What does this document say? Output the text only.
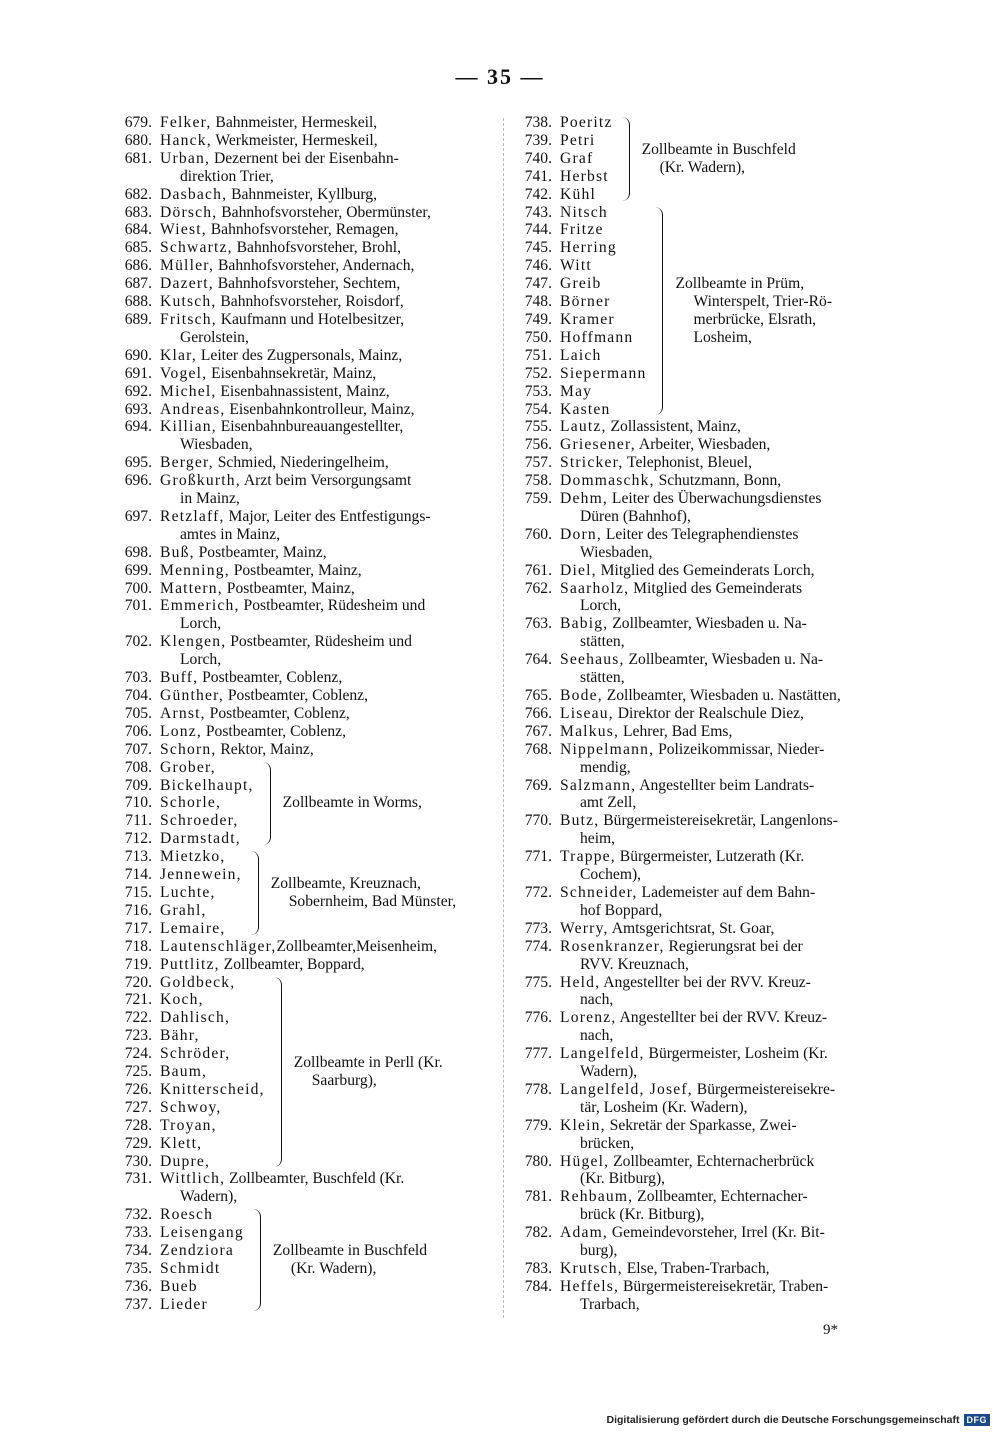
— 35 —
679. Felker, Bahnmeister, Hermeskeil,
680. Hanck, Werkmeister, Hermeskeil,
681. Urban, Dezernent bei der Eisenbahn-
direktion Trier,
682. Dasbach, Bahnmeister, Kyllburg,
683. Dörsch, Bahnhofsvorsteher, Obermünster,
684. Wiest, Bahnhofsvorsteher, Remagen,
685. Schwartz, Bahnhofsvorsteher, Brohl,
686. Müller, Bahnhofsvorsteher, Andernach,
687. Dazert, Bahnhofsvorsteher, Sechtem,
688. Kutsch, Bahnhofsvorsteher, Roisdorf,
689. Fritsch, Kaufmann und Hotelbesitzer,
Gerolstein,
690. Klar, Leiter des Zugpersonals, Mainz,
691. Vogel, Eisenbahnsekretär, Mainz,
692. Michel, Eisenbahnassistent, Mainz,
693. Andreas, Eisenbahnkontrolleur, Mainz,
694. Killian, Eisenbahnbureauangestellter,
Wiesbaden,
695. Berger, Schmied, Niederingelheim,
696. Großkurth, Arzt beim Versorgungsamt
in Mainz,
697. Retzlaff, Major, Leiter des Entfestigungs-
amtes in Mainz,
698. Buß, Postbeamter, Mainz,
699. Menning, Postbeamter, Mainz,
700. Mattern, Postbeamter, Mainz,
701. Emmerich, Postbeamter, Rüdesheim und
Lorch,
702. Klengen, Postbeamter, Rüdesheim und
Lorch,
703. Buff, Postbeamter, Coblenz,
704. Günther, Postbeamter, Coblenz,
705. Arnst, Postbeamter, Coblenz,
706. Lonz, Postbeamter, Coblenz,
707. Schorn, Rektor, Mainz,
708. Grober,
709. Bickelhaupt,
710. Schorle,
711. Schroeder,
712. Darmstadt,
Zollbeamte in Worms,
713. Mietzko,
714. Jennewein,
715. Luchte,
716. Grahl,
717. Lemaire,
Zollbeamte, Kreuznach,
Sobernheim, Bad Münster,
718. Lautenschläger,Zollbeamter,Meisenheim,
719. Puttlitz, Zollbeamter, Boppard,
720. Goldbeck,
721. Koch,
722. Dahlisch,
723. Bähr,
724. Schröder,
725. Baum,
726. Knitterscheid,
727. Schwoy,
728. Troyan,
729. Klett,
730. Dupre,
Zollbeamte in Perll (Kr.
Saarburg),
731. Wittlich, Zollbeamter, Buschfeld (Kr.
Wadern),
732. Roesch
733. Leisengang
734. Zendziora
735. Schmidt
736. Bueb
737. Lieder
Zollbeamte in Buschfeld
(Kr. Wadern),
738. Poeritz
739. Petri
740. Graf
741. Herbst
742. Kühl
Zollbeamte in Buschfeld
(Kr. Wadern),
743. Nitsch
744. Fritze
745. Herring
746. Witt
747. Greib
748. Börner
749. Kramer
750. Hoffmann
751. Laich
752. Siepermann
753. May
754. Kasten
Zollbeamte in Prüm,
Winterspelt, Trier-Rö-
merbrücke, Elsrath,
Losheim,
755. Lautz, Zollassistent, Mainz,
756. Griesener, Arbeiter, Wiesbaden,
757. Stricker, Telephonist, Bleuel,
758. Dommaschk, Schutzmann, Bonn,
759. Dehm, Leiter des Überwachungsdienstes
Düren (Bahnhof),
760. Dorn, Leiter des Telegraphendienstes
Wiesbaden,
761. Diel, Mitglied des Gemeinderats Lorch,
762. Saarholz, Mitglied des Gemeinderats
Lorch,
763. Babig, Zollbeamter, Wiesbaden u. Na-
stätten,
764. Seehaus, Zollbeamter, Wiesbaden u. Na-
stätten,
765. Bode, Zollbeamter, Wiesbaden u. Nastätten,
766. Liseau, Direktor der Realschule Diez,
767. Malkus, Lehrer, Bad Ems,
768. Nippelmann, Polizeikommissar, Nieder-
mendig,
769. Salzmann, Angestellter beim Landrats-
amt Zell,
770. Butz, Bürgermeistereisekretär, Langenlons-
heim,
771. Trappe, Bürgermeister, Lutzerath (Kr.
Cochem),
772. Schneider, Lademeister auf dem Bahn-
hof Boppard,
773. Werry, Amtsgerichtsrat, St. Goar,
774. Rosenkranzer, Regierungsrat bei der
RVV. Kreuznach,
775. Held, Angestellter bei der RVV. Kreuz-
nach,
776. Lorenz, Angestellter bei der RVV. Kreuz-
nach,
777. Langelfeld, Bürgermeister, Losheim (Kr.
Wadern),
778. Langelfeld, Josef, Bürgermeistereisekre-
tär, Losheim (Kr. Wadern),
779. Klein, Sekretär der Sparkasse, Zwei-
brücken,
780. Hügel, Zollbeamter, Echternacherbrück
(Kr. Bitburg),
781. Rehbaum, Zollbeamter, Echternacher-
brück (Kr. Bitburg),
782. Adam, Gemeindevorsteher, Irrel (Kr. Bit-
burg),
783. Krutsch, Else, Traben-Trarbach,
784. Heffels, Bürgermeistereisekretär, Traben-
Trarbach,
9*
Digitalisierung gefördert durch die Deutsche Forschungsgemeinschaft DFG
